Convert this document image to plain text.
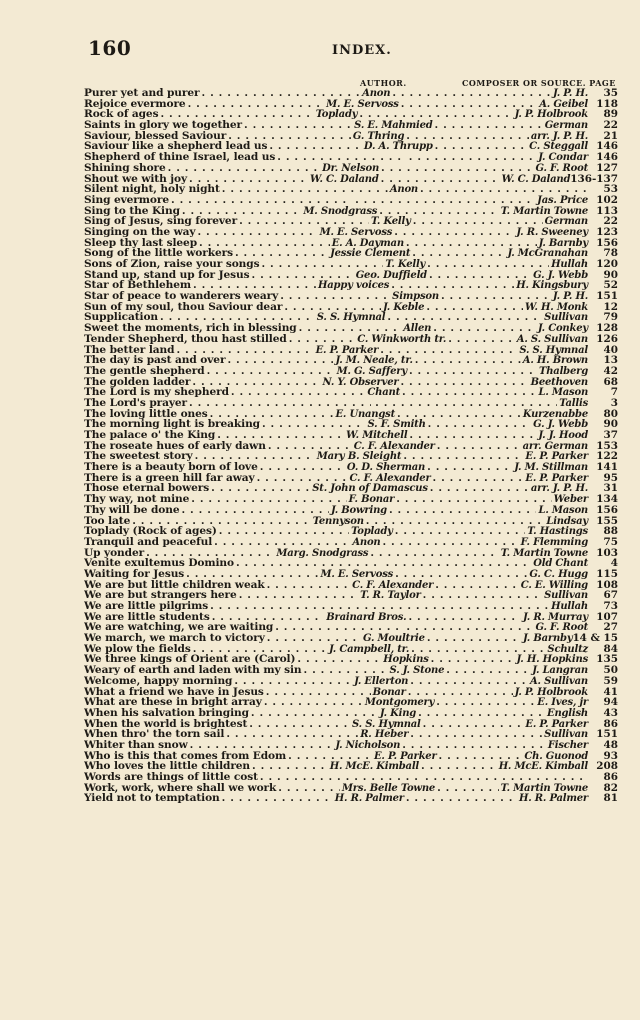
160	INDEX.
AUTHOR.	COMPOSER OR SOURCE. PAGE
Purer yet and purer . . .	Anon . . .	J. P. H.	35
Rejoice evermore . . .	M. E. Servoss . . .	A. Geibel 118
Rock of ages . . .	Toplady . . .	J. P. Holbrook	89
Saints in glory we together . . .	S. E. Mahmied . . .	German	22
Saviour, blessed Saviour . . .	G. Thring . . .	arr. J. P. H.	21
Saviour like a shepherd lead us . . .	D. A. Thrupp . . .	C. Steggall 146
Shepherd of thine Israel, lead us . . . . . .	J. Condar 146
Shining shore . . .	Dr. Nelson . . .	G. F. Root 127
Shout we with joy . . .	W. C. Daland . . .	W. C. Daland 136-137
Silent night, holy night . . .	Anon . . .	53
Sing evermore . . . . . .	Jas. Price 102
Sing to the King . . .	M. Snodgrass . . .	T. Martin Towne 113
Sing of Jesus, sing forever . . .	T. Kelly . . .	German	22
Singing on the way . . .	M. E. Servoss . . .	J. R. Sweeney 123
Sleep thy last sleep . . .	E. A. Dayman . . .	J. Barnby 156
Song of the little workers . . .	Jessie Clement . . .	J. McGranahan	78
Sons of Zion, raise your songs . . .	T. Kelly . . .	Hullah 120
Stand up, stand up for Jesus . . .	Geo. Duffield . . .	G. J. Webb	90
Star of Bethlehem . . .	Happy voices . . .	H. Kingsbury	52
Star of peace to wanderers weary . . .	Simpson . . .	J. P. H. 151
Sun of my soul, thou Saviour dear . . .	J. Keble . . .	W. H. Monk	12
Supplication . . .	S. S. Hymnal . . .	Sullivan	79
Sweet the moments, rich in blessing . . .	Allen . . .	J. Conkey 128
Tender Shepherd, thou hast stilled . . .	C. Winkworth tr. . . .	A. S. Sullivan 126
The better land . . .	E. P. Parker . . .	S. S. Hymnal	40
The day is past and over . . .	J. M. Neale, tr. . . .	A. H. Brown	13
The gentle shepherd . . .	M. G. Saffery . . .	Thalberg	42
The golden ladder . . .	N. Y. Observer . . .	Beethoven	68
The Lord is my shepherd . . .	Chant . . .	L. Mason	7
The Lord's prayer . . . . . .	Tallis	3
The loving little ones . . .	E. Unangst . . .	Kurzenabbe	80
The morning light is breaking . . .	S. F. Smith . . .	G. J. Webb	90
The palace o' the King . . .	W. Mitchell . . .	J. J. Hood	37
The roseate hues of early dawn . . .	C. F. Alexander . . .	arr. German 153
The sweetest story . . .	Mary B. Sleight . . .	E. P. Parker 122
There is a beauty born of love . . .	O. D. Sherman . . .	J. M. Stillman 141
There is a green hill far away . . .	C. F. Alexander . . .	E. P. Parker	95
Those eternal bowers . . .	St. John of Damascus . . .	arr. J. P. H.	31
Thy way, not mine . . .	F. Bonar . . .	Weber 134
Thy will be done . . .	J. Bowring . . .	L. Mason 156
Too late . . .	Tennyson . . .	Lindsay 155
Toplady (Rock of ages) . . .	Toplady . . .	T. Hastings	88
Tranquil and peaceful . . .	Anon . . .	F. Flemming	75
Up yonder . . .	Marg. Snodgrass . . .	T. Martin Towne 103
Venite exultemus Domino . . . . . .	Old Chant	4
Waiting for Jesus . . .	M. E. Servoss . . .	G. C. Hugg 115
We are but little children weak . . .	C. F. Alexander . . .	C. E. Willing 108
We are but strangers here . . .	T. R. Taylor . . .	Sullivan	67
We are little pilgrims . . . . . .	Hullah	73
We are little students . . .	Brainard Bros. . . .	J. R. Murray 107
We are watching, we are waiting . . . . . .	G. F. Root	27
We march, we march to victory . . .	G. Moultrie . . .	J. Barnby 14 & 15
We plow the fields . . .	J. Campbell, tr. . . .	Schultz	84
We three kings of Orient are (Carol) . . .	Hopkins . . .	J. H. Hopkins 135
Weary of earth and laden with my sin . . .	S. J. Stone . . .	J. Langran	50
Welcome, happy morning . . .	J. Ellerton . . .	A. Sullivan	59
What a friend we have in Jesus . . .	Bonar . . .	J. P. Holbrook	41
What are these in bright array . . .	Montgomery . . .	E. Ives, jr	94
When his salvation bringing . . .	J. King . . .	English	43
When the world is brightest . . .	S. S. Hymnal . . .	E. P. Parker	86
When thro' the torn sail . . .	R. Heber . . .	Sullivan 151
Whiter than snow . . .	J. Nicholson . . .	Fischer	48
Who is this that comes from Edom . . .	E. P. Parker . . .	Ch. Guonod	93
Who loves the little children . . .	H. McE. Kimball . . .	H. McE. Kimball 208
Words are things of little cost . . . . . .	86
Work, work, where shall we work . . .	Mrs. Belle Towne . . .	T. Martin Towne	82
Yield not to temptation . . .	H. R. Palmer . . .	H. R. Palmer	81
